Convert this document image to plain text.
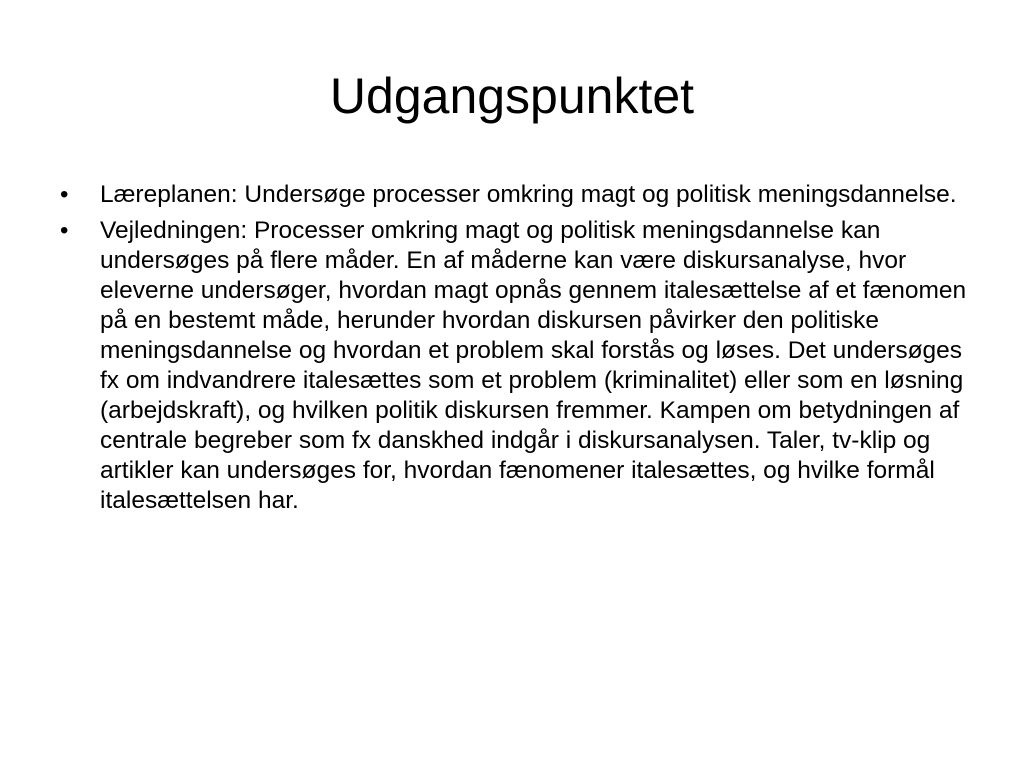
Udgangspunktet
• Læreplanen: Undersøge processer omkring magt og politisk meningsdannelse.
• Vejledningen: Processer omkring magt og politisk meningsdannelse kan undersøges på flere måder. En af måderne kan være diskursanalyse, hvor eleverne undersøger, hvordan magt opnås gennem italesættelse af et fænomen på en bestemt måde, herunder hvordan diskursen påvirker den politiske meningsdannelse og hvordan et problem skal forstås og løses. Det undersøges fx om indvandrere italesættes som et problem (kriminalitet) eller som en løsning (arbejdskraft), og hvilken politik diskursen fremmer. Kampen om betydningen af centrale begreber som fx danskhed indgår i diskursanalysen. Taler, tv-klip og artikler kan undersøges for, hvordan fænomener italesættes, og hvilke formål italesættelsen har.
